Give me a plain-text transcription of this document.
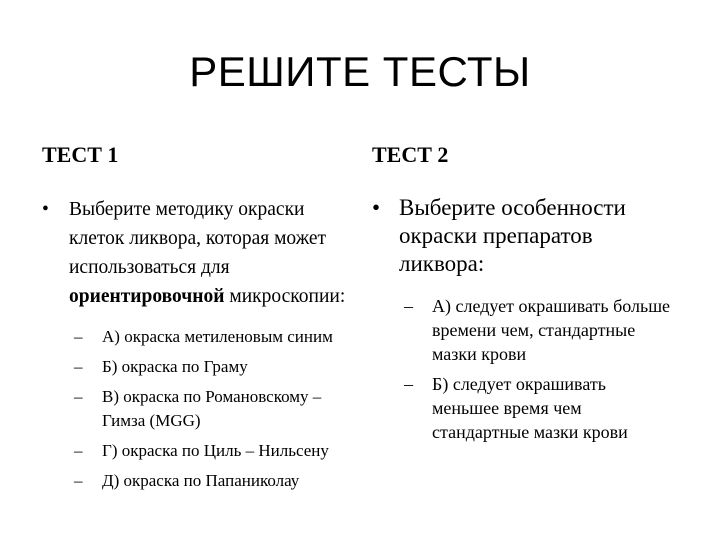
РЕШИТЕ ТЕСТЫ
ТЕСТ 1
• Выберите методику окраски клеток ликвора, которая может использоваться для ориентировочной микроскопии:
– А) окраска метиленовым синим
– Б) окраска по Граму
– В) окраска по Романовскому – Гимза (MGG)
– Г) окраска по Циль – Нильсену
– Д) окраска по Папаниколау
ТЕСТ 2
• Выберите особенности окраски препаратов ликвора:
– А) следует окрашивать больше времени чем, стандартные мазки крови
– Б) следует окрашивать меньшее время чем стандартные мазки крови
